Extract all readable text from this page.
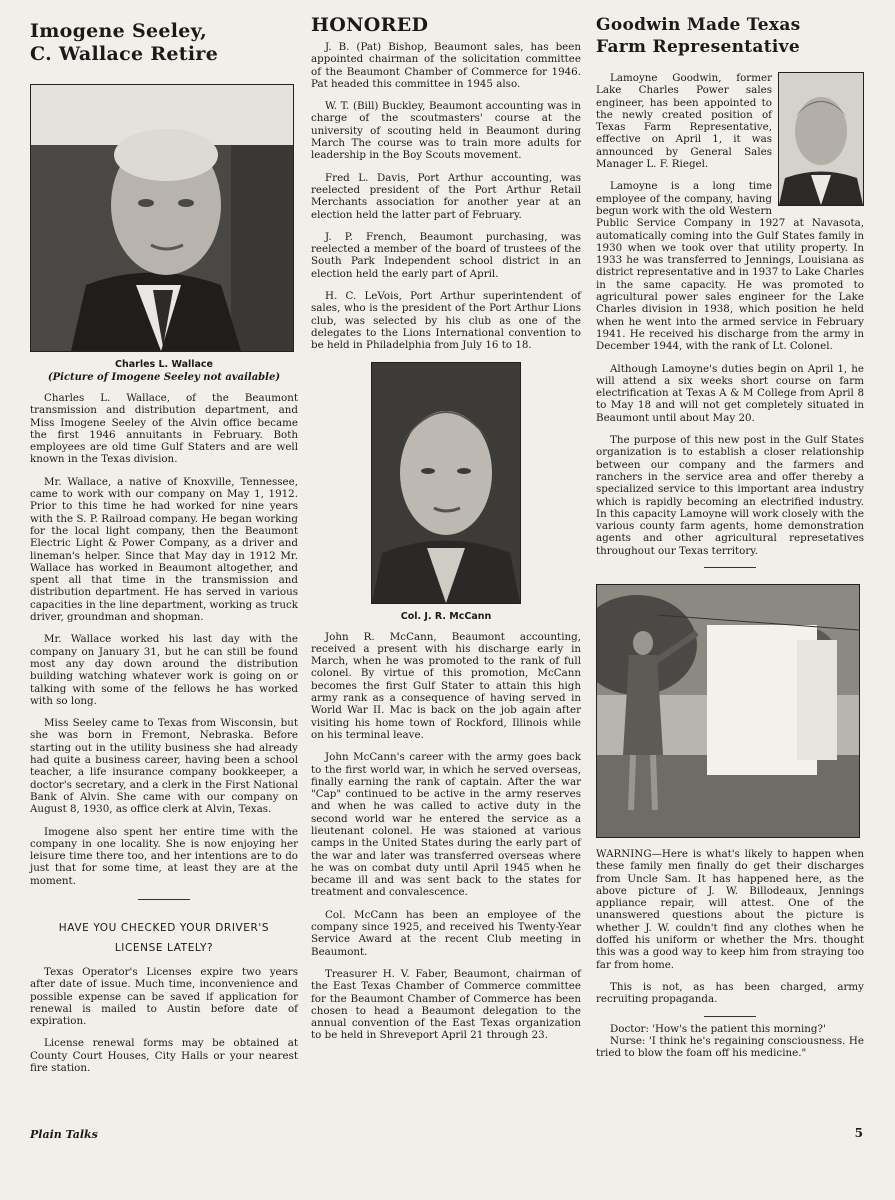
Imogene Seeley,
C. Wallace Retire
Charles L. Wallace
(Picture of Imogene Seeley not available)

Charles L. Wallace, of the Beaumont transmission and distribution department, and Miss Imogene Seeley of the Alvin office became the first 1946 annuitants in February. Both employees are old time Gulf Staters and are well known in the Texas division.

Mr. Wallace, a native of Knoxville, Tennessee, came to work with our company on May 1, 1912. Prior to this time he had worked for nine years with the S. P. Railroad company. He began working for the local light company, then the Beaumont Electric Light & Power Company, as a driver and lineman's helper. Since that May day in 1912 Mr. Wallace has worked in Beaumont altogether, and spent all that time in the transmission and distribution department. He has served in various capacities in the line department, working as truck driver, groundman and shopman.

Mr. Wallace worked his last day with the company on January 31, but he can still be found most any day down around the distribution building watching whatever work is going on or talking with some of the fellows he has worked with so long.

Miss Seeley came to Texas from Wisconsin, but she was born in Fremont, Nebraska. Before starting out in the utility business she had already had quite a business career, having been a school teacher, a life insurance company bookkeeper, a doctor's secretary, and a clerk in the First National Bank of Alvin. She came with our company on August 8, 1930, as office clerk at Alvin, Texas.

Imogene also spent her entire time with the company in one locality. She is now enjoying her leisure time there too, and her intentions are to do just that for some time, at least they are at the moment.

HAVE YOU CHECKED YOUR DRIVER'S
LICENSE LATELY?

Texas Operator's Licenses expire two years after date of issue. Much time, inconvenience and possible expense can be saved if application for renewal is mailed to Austin before date of expiration.

License renewal forms may be obtained at County Court Houses, City Halls or your nearest fire station.

HONORED

J. B. (Pat) Bishop, Beaumont sales, has been appointed chairman of the solicitation committee of the Beaumont Chamber of Commerce for 1946. Pat headed this committee in 1945 also.

W. T. (Bill) Buckley, Beaumont accounting was in charge of the scoutmasters' course at the university of scouting held in Beaumont during March The course was to train more adults for leadership in the Boy Scouts movement.

Fred L. Davis, Port Arthur accounting, was reelected president of the Port Arthur Retail Merchants association for another year at an election held the latter part of February.

J. P. French, Beaumont purchasing, was reelected a member of the board of trustees of the South Park Independent school district in an election held the early part of April.

H. C. LeVois, Port Arthur superintendent of sales, who is the president of the Port Arthur Lions club, was selected by his club as one of the delegates to the Lions International convention to be held in Philadelphia from July 16 to 18.

Col. J. R. McCann

John R. McCann, Beaumont accounting, received a present with his discharge early in March, when he was promoted to the rank of full colonel. By virtue of this promotion, McCann becomes the first Gulf Stater to attain this high army rank as a consequence of having served in World War II. Mac is back on the job again after visiting his home town of Rockford, Illinois while on his terminal leave.

John McCann's career with the army goes back to the first world war, in which he served overseas, finally earning the rank of captain. After the war "Cap" continued to be active in the army reserves and when he was called to active duty in the second world war he entered the service as a lieutenant colonel. He was staioned at various camps in the United States during the early part of the war and later was transferred overseas where he was on combat duty until April 1945 when he became ill and was sent back to the states for treatment and convalescence.

Col. McCann has been an employee of the company since 1925, and received his Twenty-Year Service Award at the recent Club meeting in Beaumont.

Treasurer H. V. Faber, Beaumont, chairman of the East Texas Chamber of Commerce committee for the Beaumont Chamber of Commerce has been chosen to head a Beaumont delegation to the annual convention of the East Texas organization to be held in Shreveport April 21 through 23.

Goodwin Made Texas
Farm Representative

Lamoyne Goodwin, former Lake Charles Power sales engineer, has been appointed to the newly created position of Texas Farm Representative, effective on April 1, it was announced by General Sales Manager L. F. Riegel.

Lamoyne is a long time employee of the company, having begun work with the old Western Public Service Company in 1927 at Navasota, automatically coming into the Gulf States family in 1930 when we took over that utility property. In 1933 he was transferred to Jennings, Louisiana as district representative and in 1937 to Lake Charles in the same capacity. He was promoted to agricultural power sales engineer for the Lake Charles division in 1938, which position he held when he went into the armed service in February 1941. He received his discharge from the army in December 1944, with the rank of Lt. Colonel.

Although Lamoyne's duties begin on April 1, he will attend a six weeks short course on farm electrification at Texas A & M College from April 8 to May 18 and will not get completely situated in Beaumont until about May 20.

The purpose of this new post in the Gulf States organization is to establish a closer relationship between our company and the farmers and ranchers in the service area and offer thereby a specialized service to this important area industry which is rapidly becoming an electrified industry. In this capacity Lamoyne will work closely with the various county farm agents, home demonstration agents and other agricultural represetatives throughout our Texas territory.

WARNING—Here is what's likely to happen when these family men finally do get their discharges from Uncle Sam. It has happened here, as the above picture of J. W. Billodeaux, Jennings appliance repair, will attest. One of the unanswered questions about the picture is whether J. W. couldn't find any clothes when he doffed his uniform or whether the Mrs. thought this was a good way to keep him from straying too far from home.

This is not, as has been charged, army recruiting propaganda.

Doctor: 'How's the patient this morning?'

Nurse: 'I think he's regaining consciousness. He tried to blow the foam off his medicine."

Plain Talks	5
